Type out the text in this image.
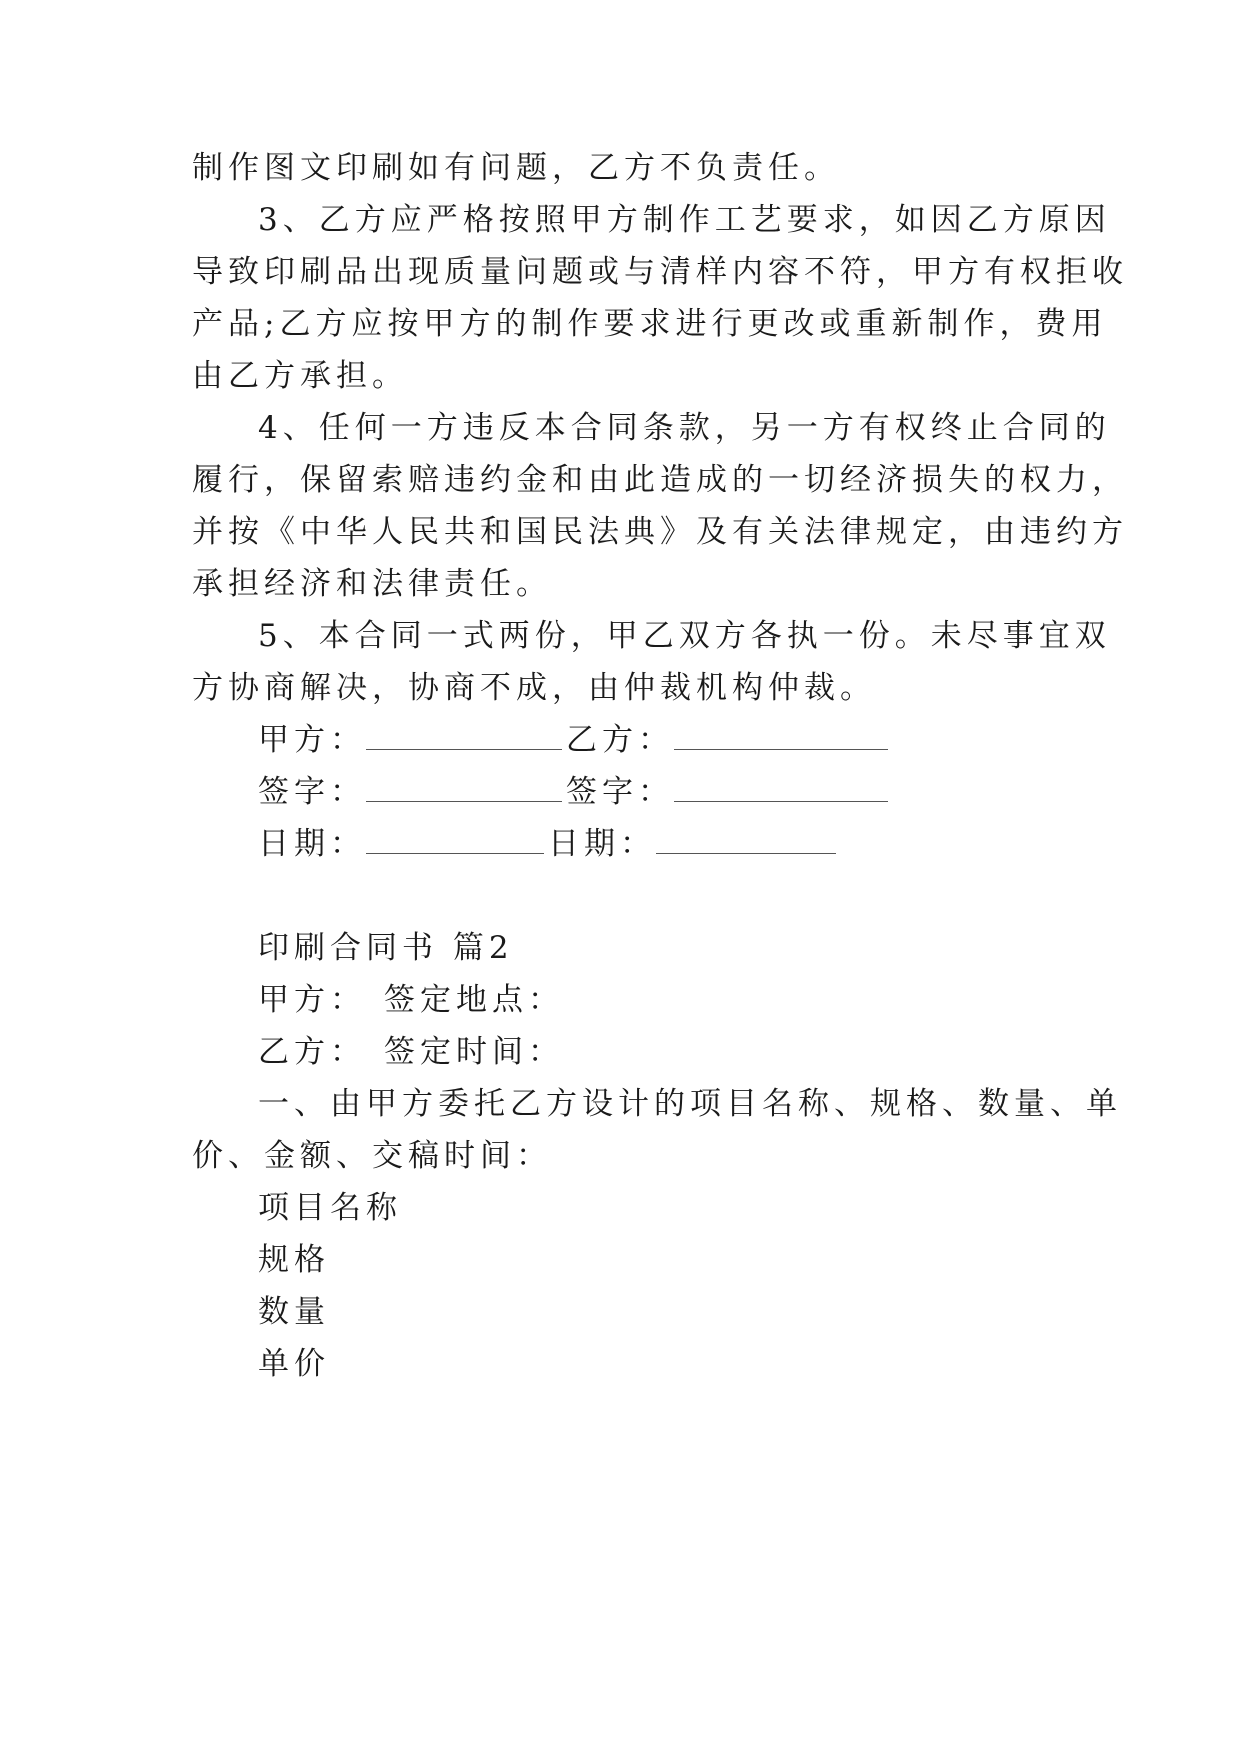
制作图文印刷如有问题，乙方不负责任。
3、乙方应严格按照甲方制作工艺要求，如因乙方原因
导致印刷品出现质量问题或与清样内容不符，甲方有权拒收
产品;乙方应按甲方的制作要求进行更改或重新制作，费用
由乙方承担。
4、任何一方违反本合同条款，另一方有权终止合同的
履行，保留索赔违约金和由此造成的一切经济损失的权力，
并按《中华人民共和国民法典》及有关法律规定，由违约方
承担经济和法律责任。
5、本合同一式两份，甲乙双方各执一份。未尽事宜双
方协商解决，协商不成，由仲裁机构仲裁。
甲方：	乙方：
签字：	签字：
日期：	日期：
印刷合同书 篇2
甲方： 签定地点：
乙方： 签定时间：
一、由甲方委托乙方设计的项目名称、规格、数量、单
价、金额、交稿时间：
项目名称
规格
数量
单价
